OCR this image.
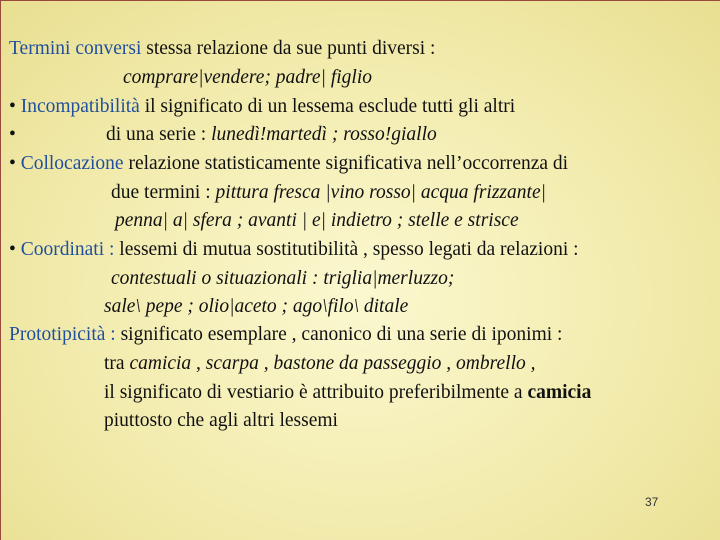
Termini conversi stessa relazione da sue punti diversi :
comprare|vendere; padre| figlio
• Incompatibilità il significato di un lessema esclude tutti gli altri
•	di una serie : lunedì!martedì ; rosso!giallo
• Collocazione relazione statisticamente significativa nell’occorrenza di
due termini : pittura fresca |vino rosso| acqua frizzante|
penna| a| sfera ; avanti | e| indietro ; stelle e strisce
• Coordinati : lessemi di mutua sostitutibilità , spesso legati da relazioni :
contestuali o situazionali : triglia|merluzzo;
sale\ pepe ; olio|aceto ; ago\filo\ ditale
Prototipicità : significato esemplare , canonico di una serie di iponimi :
tra camicia , scarpa , bastone da passeggio , ombrello ,
il significato di vestiario è attribuito preferibilmente a camicia
piuttosto che agli altri lessemi
37
